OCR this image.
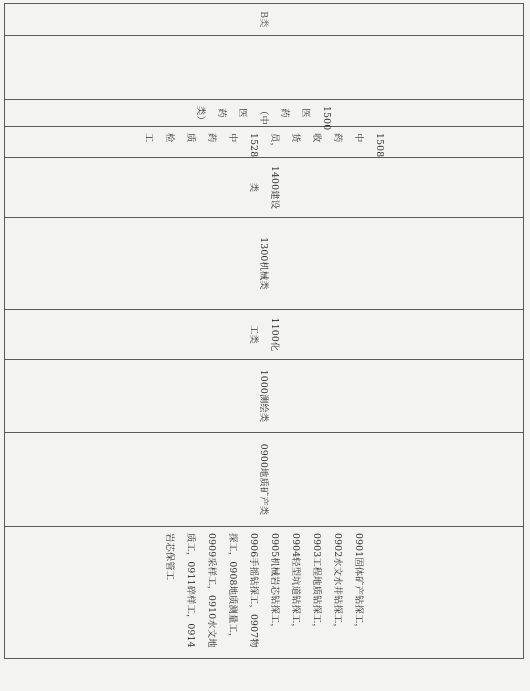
B类		1500医药（中医药类）	1508中药收货员，1528中药质检工	1400建设类	1300机械类	1100化工类	1000测绘类	0900地质矿产类	0901固体矿产钻探工，0902水文水井钻探工，0903工程地质钻探工，0904轻型坑道钻探工，0905机械岩芯钻探工，0906手摇钻探工，0907物探工，0908地质测量工，0909采样工，0910水文地质工，0911碎样工，0914岩芯保管工
